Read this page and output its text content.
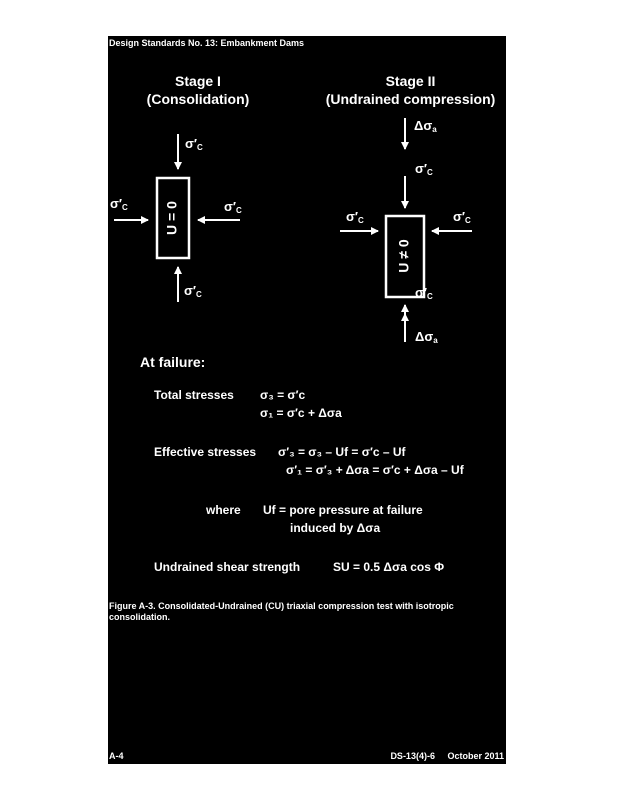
Design Standards No. 13: Embankment Dams
Stage I
(Consolidation)
Stage II
(Undrained compression)
U = 0
U ≠ 0
$\sigma'_C$
$\sigma'_C$	$\sigma'_C$
$\sigma'_C$
$\Delta\sigma_a$
$\sigma'_C$
$\sigma'_C$	$\sigma'_C$
$\sigma'_C$
$\Delta\sigma_a$
At failure:
Total stresses σ₃ = σ′c
σ₁ = σ′c + Δσa
Effective stresses σ′₃ = σ₃ – Uf = σ′c – Uf
σ′₁ = σ′₃ + Δσa = σ′c + Δσa – Uf
where Uf = pore pressure at failure
induced by Δσa
Undrained shear strength	SU = 0.5 Δσa cos Φ
Figure A-3. Consolidated-Undrained (CU) triaxial compression test with isotropic consolidation.
A-4	DS-13(4)-6 October 2011
